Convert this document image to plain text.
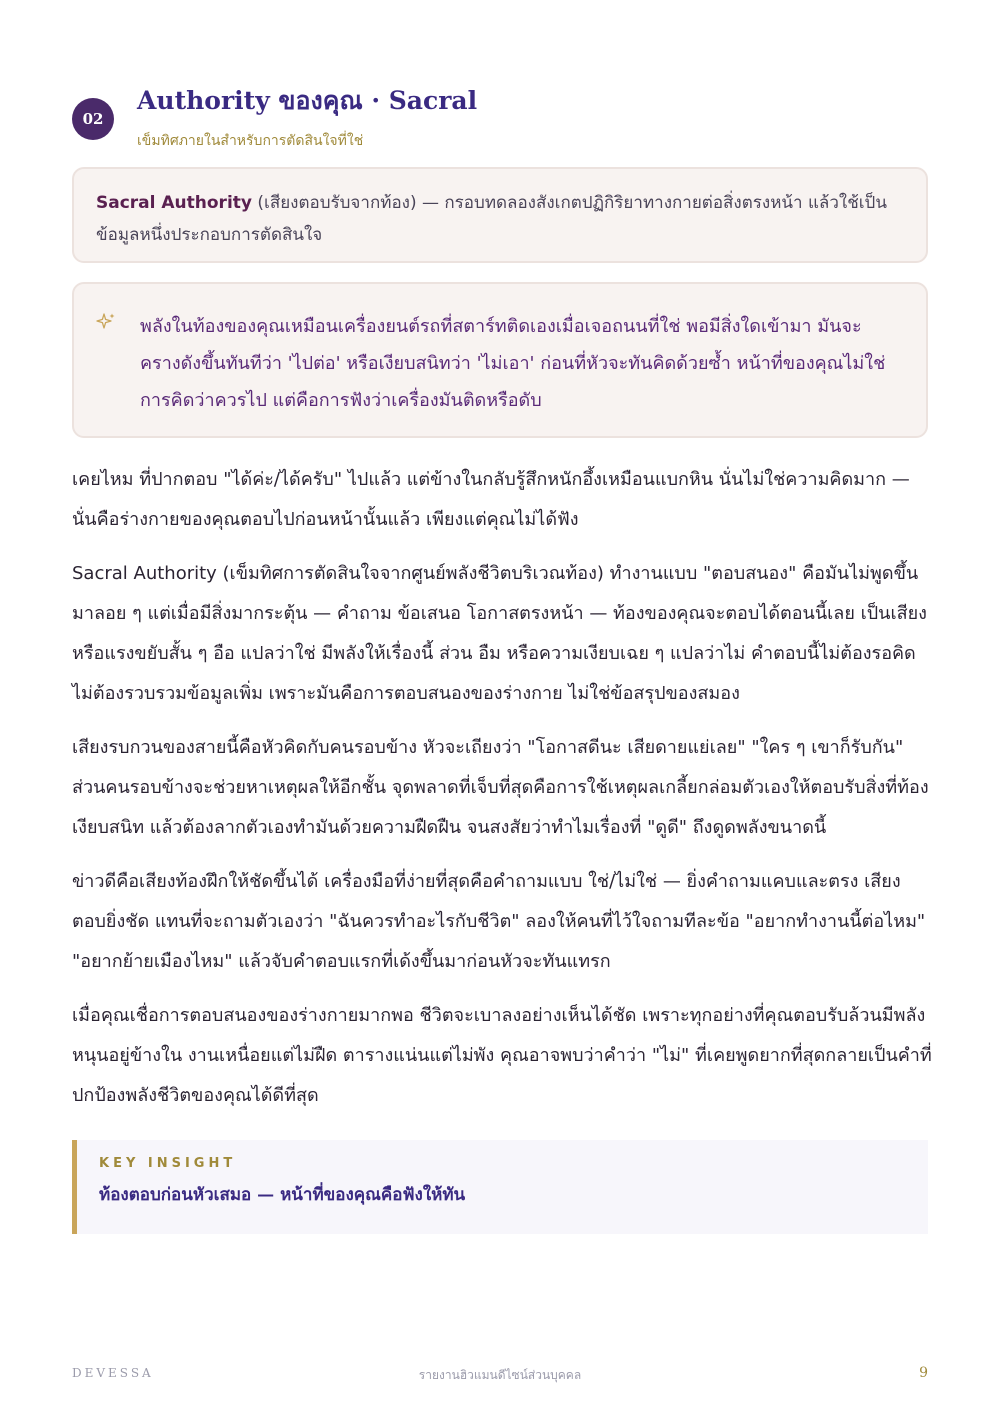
02
Authority ของคุณ · Sacral
เข็มทิศภายในสำหรับการตัดสินใจที่ใช่

Sacral Authority (เสียงตอบรับจากท้อง) — กรอบทดลองสังเกตปฏิกิริยาทางกายต่อสิ่งตรงหน้า แล้วใช้เป็นข้อมูลหนึ่งประกอบการตัดสินใจ

พลังในท้องของคุณเหมือนเครื่องยนต์รถที่สตาร์ทติดเองเมื่อเจอถนนที่ใช่ พอมีสิ่งใดเข้ามา มันจะครางดังขึ้นทันทีว่า 'ไปต่อ' หรือเงียบสนิทว่า 'ไม่เอา' ก่อนที่หัวจะทันคิดด้วยซ้ำ หน้าที่ของคุณไม่ใช่การคิดว่าควรไป แต่คือการฟังว่าเครื่องมันติดหรือดับ

เคยไหม ที่ปากตอบ "ได้ค่ะ/ได้ครับ" ไปแล้ว แต่ข้างในกลับรู้สึกหนักอึ้งเหมือนแบกหิน นั่นไม่ใช่ความคิดมาก — นั่นคือร่างกายของคุณตอบไปก่อนหน้านั้นแล้ว เพียงแต่คุณไม่ได้ฟัง

Sacral Authority (เข็มทิศการตัดสินใจจากศูนย์พลังชีวิตบริเวณท้อง) ทำงานแบบ "ตอบสนอง" คือมันไม่พูดขึ้นมาลอย ๆ แต่เมื่อมีสิ่งมากระตุ้น — คำถาม ข้อเสนอ โอกาสตรงหน้า — ท้องของคุณจะตอบได้ตอนนี้เลย เป็นเสียงหรือแรงขยับสั้น ๆ อือ แปลว่าใช่ มีพลังให้เรื่องนี้ ส่วน อืม หรือความเงียบเฉย ๆ แปลว่าไม่ คำตอบนี้ไม่ต้องรอคิด ไม่ต้องรวบรวมข้อมูลเพิ่ม เพราะมันคือการตอบสนองของร่างกาย ไม่ใช่ข้อสรุปของสมอง

เสียงรบกวนของสายนี้คือหัวคิดกับคนรอบข้าง หัวจะเถียงว่า "โอกาสดีนะ เสียดายแย่เลย" "ใคร ๆ เขาก็รับกัน" ส่วนคนรอบข้างจะช่วยหาเหตุผลให้อีกชั้น จุดพลาดที่เจ็บที่สุดคือการใช้เหตุผลเกลี้ยกล่อมตัวเองให้ตอบรับสิ่งที่ท้องเงียบสนิท แล้วต้องลากตัวเองทำมันด้วยความฝืดฝืน จนสงสัยว่าทำไมเรื่องที่ "ดูดี" ถึงดูดพลังขนาดนี้

ข่าวดีคือเสียงท้องฝึกให้ชัดขึ้นได้ เครื่องมือที่ง่ายที่สุดคือคำถามแบบ ใช่/ไม่ใช่ — ยิ่งคำถามแคบและตรง เสียงตอบยิ่งชัด แทนที่จะถามตัวเองว่า "ฉันควรทำอะไรกับชีวิต" ลองให้คนที่ไว้ใจถามทีละข้อ "อยากทำงานนี้ต่อไหม" "อยากย้ายเมืองไหม" แล้วจับคำตอบแรกที่เด้งขึ้นมาก่อนหัวจะทันแทรก

เมื่อคุณเชื่อการตอบสนองของร่างกายมากพอ ชีวิตจะเบาลงอย่างเห็นได้ชัด เพราะทุกอย่างที่คุณตอบรับล้วนมีพลังหนุนอยู่ข้างใน งานเหนื่อยแต่ไม่ฝืด ตารางแน่นแต่ไม่พัง คุณอาจพบว่าคำว่า "ไม่" ที่เคยพูดยากที่สุดกลายเป็นคำที่ปกป้องพลังชีวิตของคุณได้ดีที่สุด

KEY INSIGHT
ท้องตอบก่อนหัวเสมอ — หน้าที่ของคุณคือฟังให้ทัน
DEVESSA	รายงานฮิวแมนดีไซน์ส่วนบุคคล	9
